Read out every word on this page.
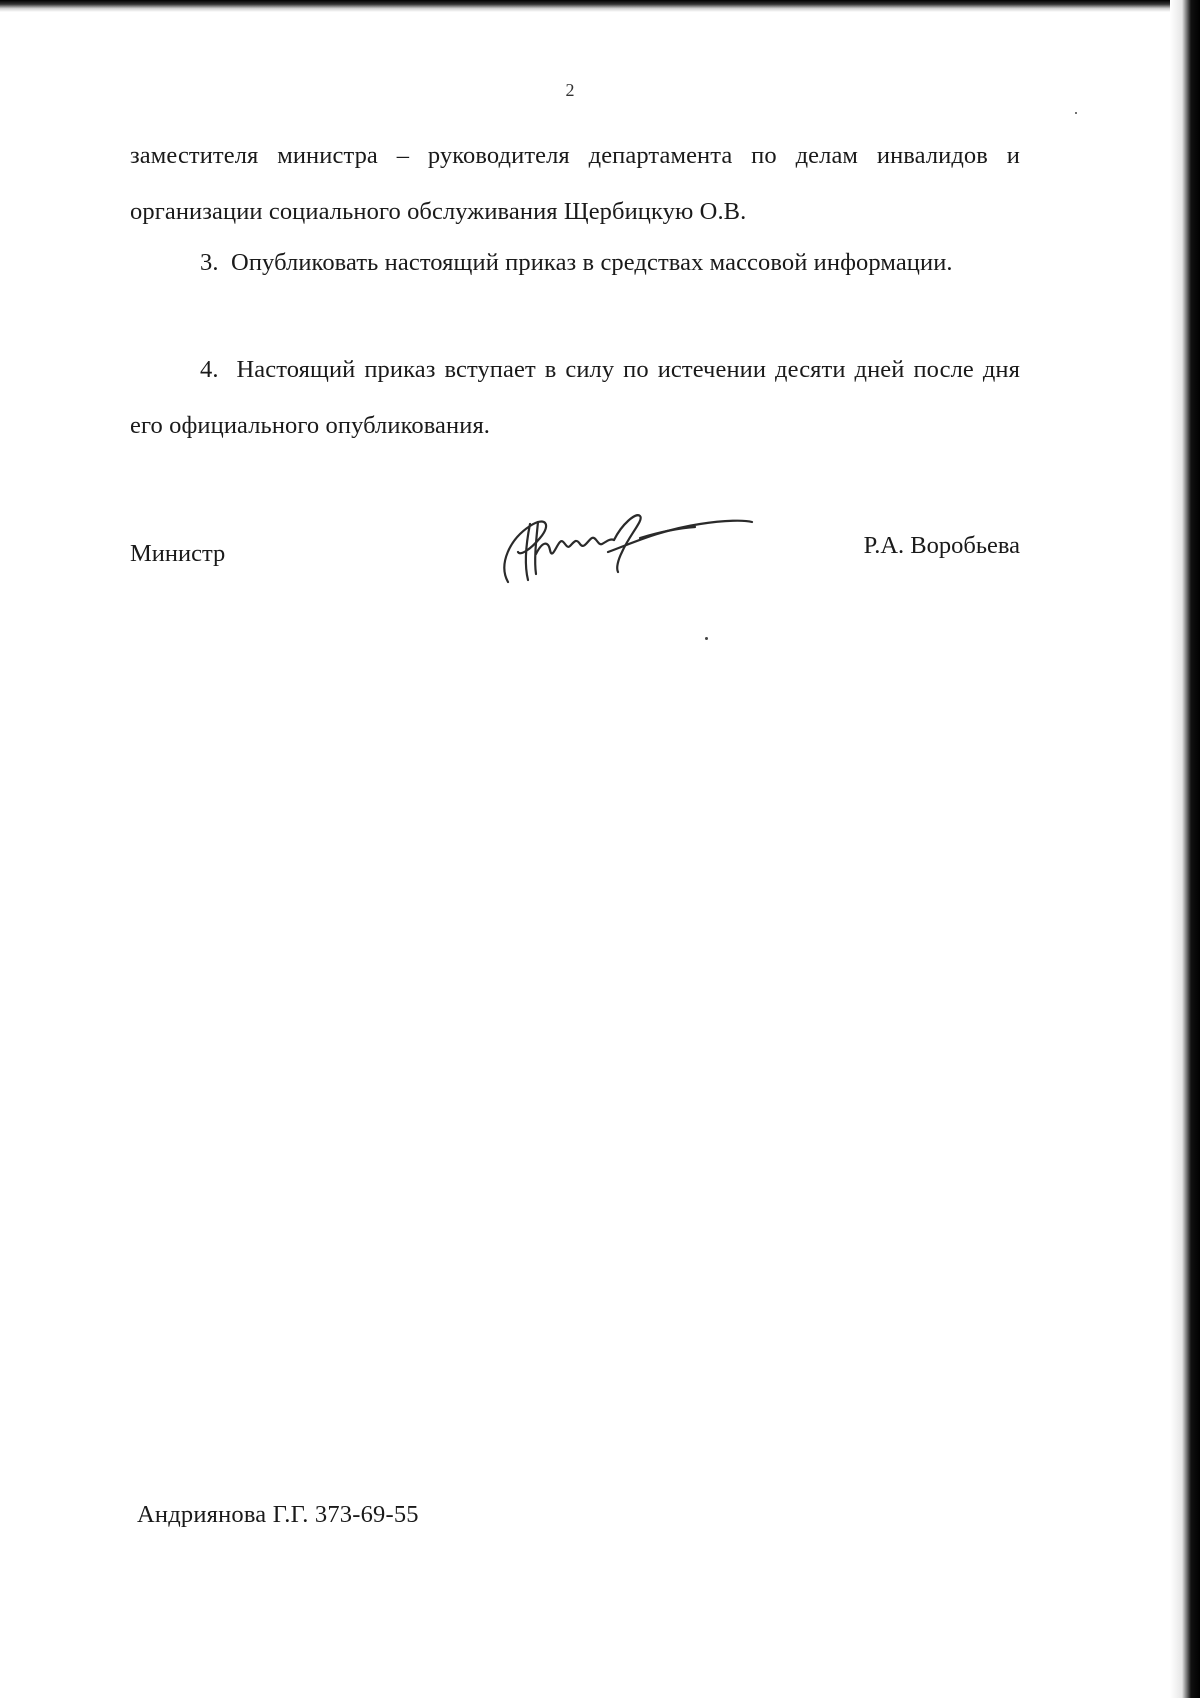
2

заместителя министра – руководителя департамента по делам инвалидов и организации социального обслуживания Щербицкую О.В.

3. Опубликовать настоящий приказ в средствах массовой информации.

4. Настоящий приказ вступает в силу по истечении десяти дней после дня его официального опубликования.

Министр	Р.А. Воробьева
Андриянова Г.Г. 373-69-55
